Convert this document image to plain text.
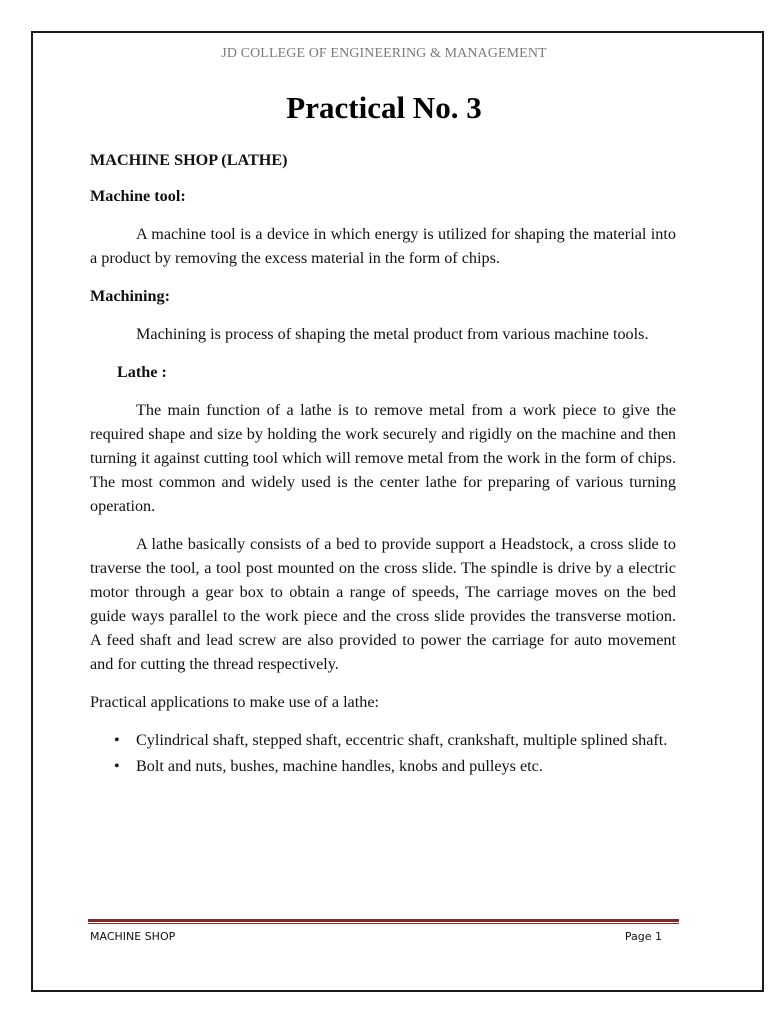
JD COLLEGE OF ENGINEERING & MANAGEMENT
Practical No. 3

MACHINE SHOP (LATHE)

Machine tool:

A machine tool is a device in which energy is utilized for shaping the material into a product by removing the excess material in the form of chips.

Machining:

Machining is process of shaping the metal product from various machine tools.

Lathe :

The main function of a lathe is to remove metal from a work piece to give the required shape and size by holding the work securely and rigidly on the machine and then turning it against cutting tool which will remove metal from the work in the form of chips. The most common and widely used is the center lathe for preparing of various turning operation.

A lathe basically consists of a bed to provide support a Headstock, a cross slide to traverse the tool, a tool post mounted on the cross slide. The spindle is drive by a electric motor through a gear box to obtain a range of speeds, The carriage moves on the bed guide ways parallel to the work piece and the cross slide provides the transverse motion. A feed shaft and lead screw are also provided to power the carriage for auto movement and for cutting the thread respectively.

Practical applications to make use of a lathe:

• Cylindrical shaft, stepped shaft, eccentric shaft, crankshaft, multiple splined shaft.
• Bolt and nuts, bushes, machine handles, knobs and pulleys etc.
MACHINE SHOP	Page 1
